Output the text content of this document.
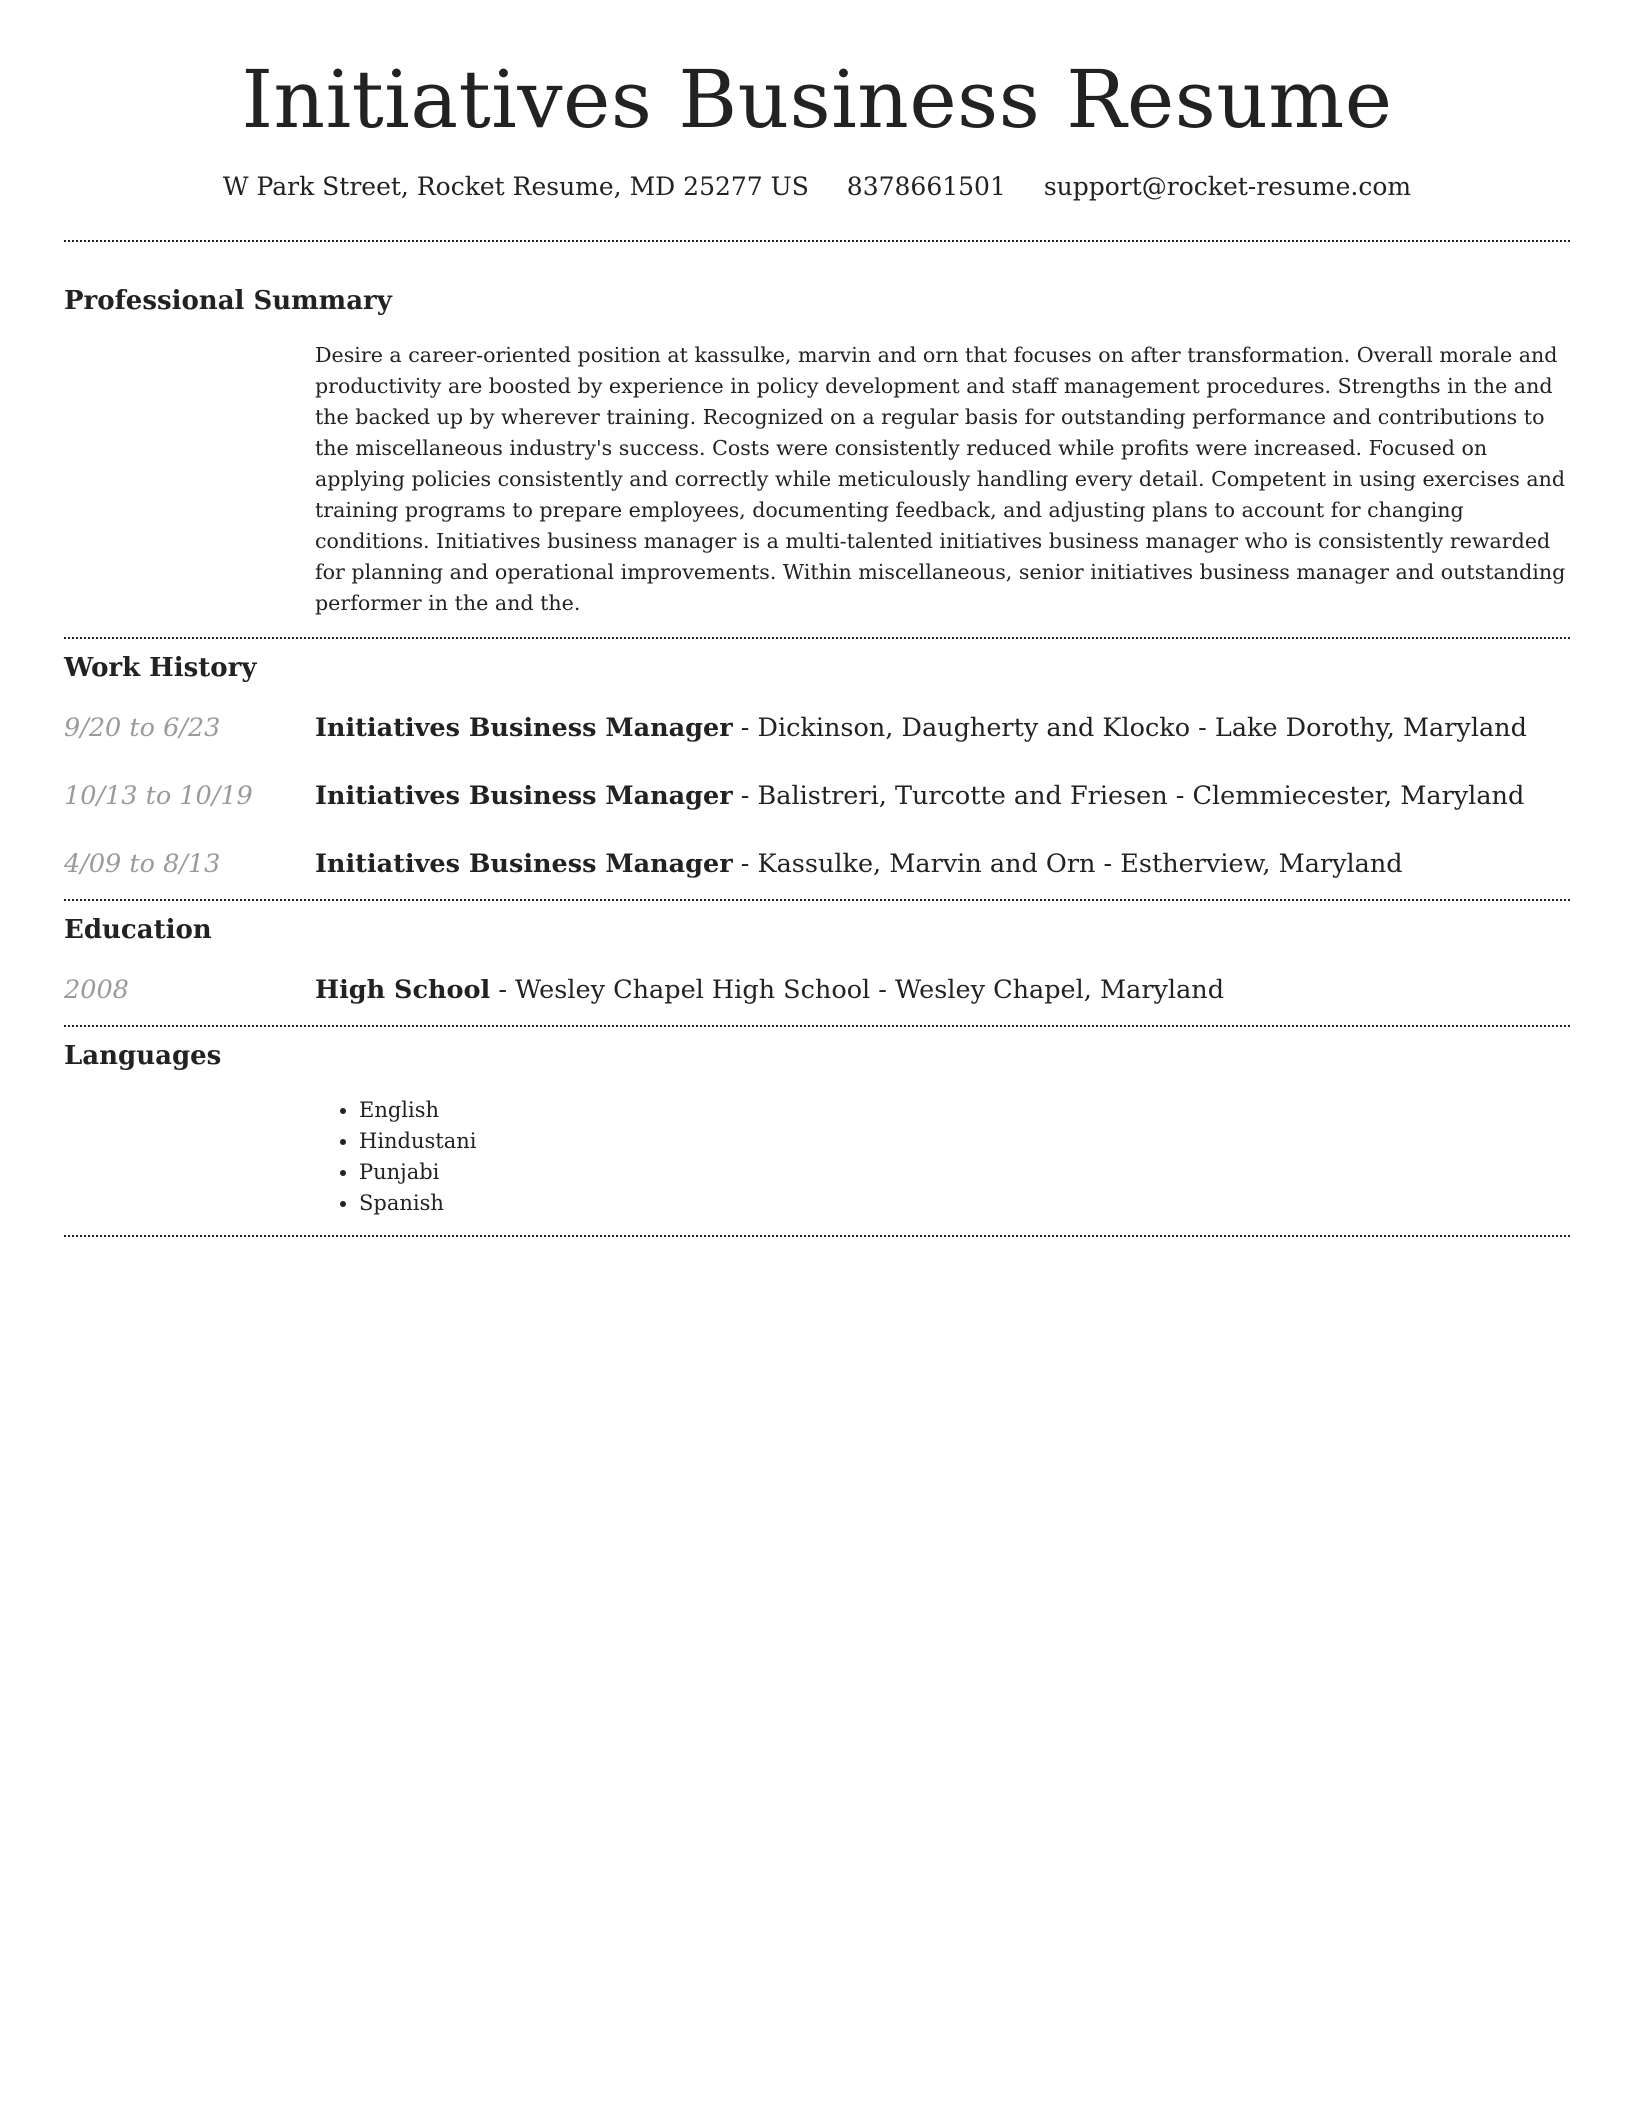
Initiatives Business Resume
W Park Street, Rocket Resume, MD 25277 US 8378661501 support@rocket-resume.com
Professional Summary
Desire a career-oriented position at kassulke, marvin and orn that focuses on after transformation. Overall morale and productivity are boosted by experience in policy development and staff management procedures. Strengths in the and the backed up by wherever training. Recognized on a regular basis for outstanding performance and contributions to the miscellaneous industry's success. Costs were consistently reduced while profits were increased. Focused on applying policies consistently and correctly while meticulously handling every detail. Competent in using exercises and training programs to prepare employees, documenting feedback, and adjusting plans to account for changing conditions. Initiatives business manager is a multi-talented initiatives business manager who is consistently rewarded for planning and operational improvements. Within miscellaneous, senior initiatives business manager and outstanding performer in the and the.
Work History
9/20 to 6/23	Initiatives Business Manager - Dickinson, Daugherty and Klocko - Lake Dorothy, Maryland
10/13 to 10/19	Initiatives Business Manager - Balistreri, Turcotte and Friesen - Clemmiecester, Maryland
4/09 to 8/13	Initiatives Business Manager - Kassulke, Marvin and Orn - Estherview, Maryland
Education
2008	High School - Wesley Chapel High School - Wesley Chapel, Maryland
Languages
• English
• Hindustani
• Punjabi
• Spanish
